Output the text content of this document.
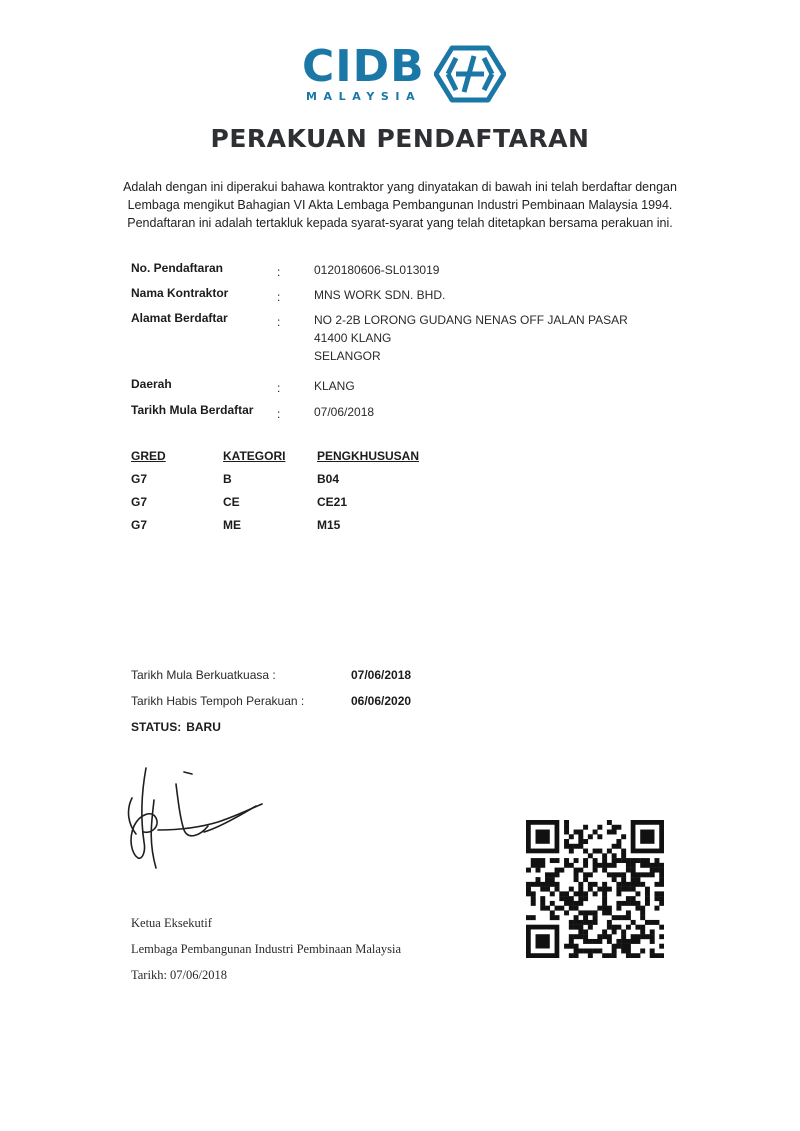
CIDB
MALAYSIA
PERAKUAN PENDAFTARAN
Adalah dengan ini diperakui bahawa kontraktor yang dinyatakan di bawah ini telah berdaftar dengan
Lembaga mengikut Bahagian VI Akta Lembaga Pembangunan Industri Pembinaan Malaysia 1994.
Pendaftaran ini adalah tertakluk kepada syarat-syarat yang telah ditetapkan bersama perakuan ini.
No. Pendaftaran	:	0120180606-SL013019
Nama Kontraktor	:	MNS WORK SDN. BHD.
Alamat Berdaftar	:	NO 2-2B LORONG GUDANG NENAS OFF JALAN PASAR
41400 KLANG
SELANGOR
Daerah	:	KLANG
Tarikh Mula Berdaftar :	07/06/2018
GRED	KATEGORI	PENGKHUSUSAN
G7	B	B04
G7	CE	CE21
G7	ME	M15
Tarikh Mula Berkuatkuasa :	07/06/2018
Tarikh Habis Tempoh Perakuan :	06/06/2020
STATUS: BARU
Ketua Eksekutif
Lembaga Pembangunan Industri Pembinaan Malaysia
Tarikh: 07/06/2018
